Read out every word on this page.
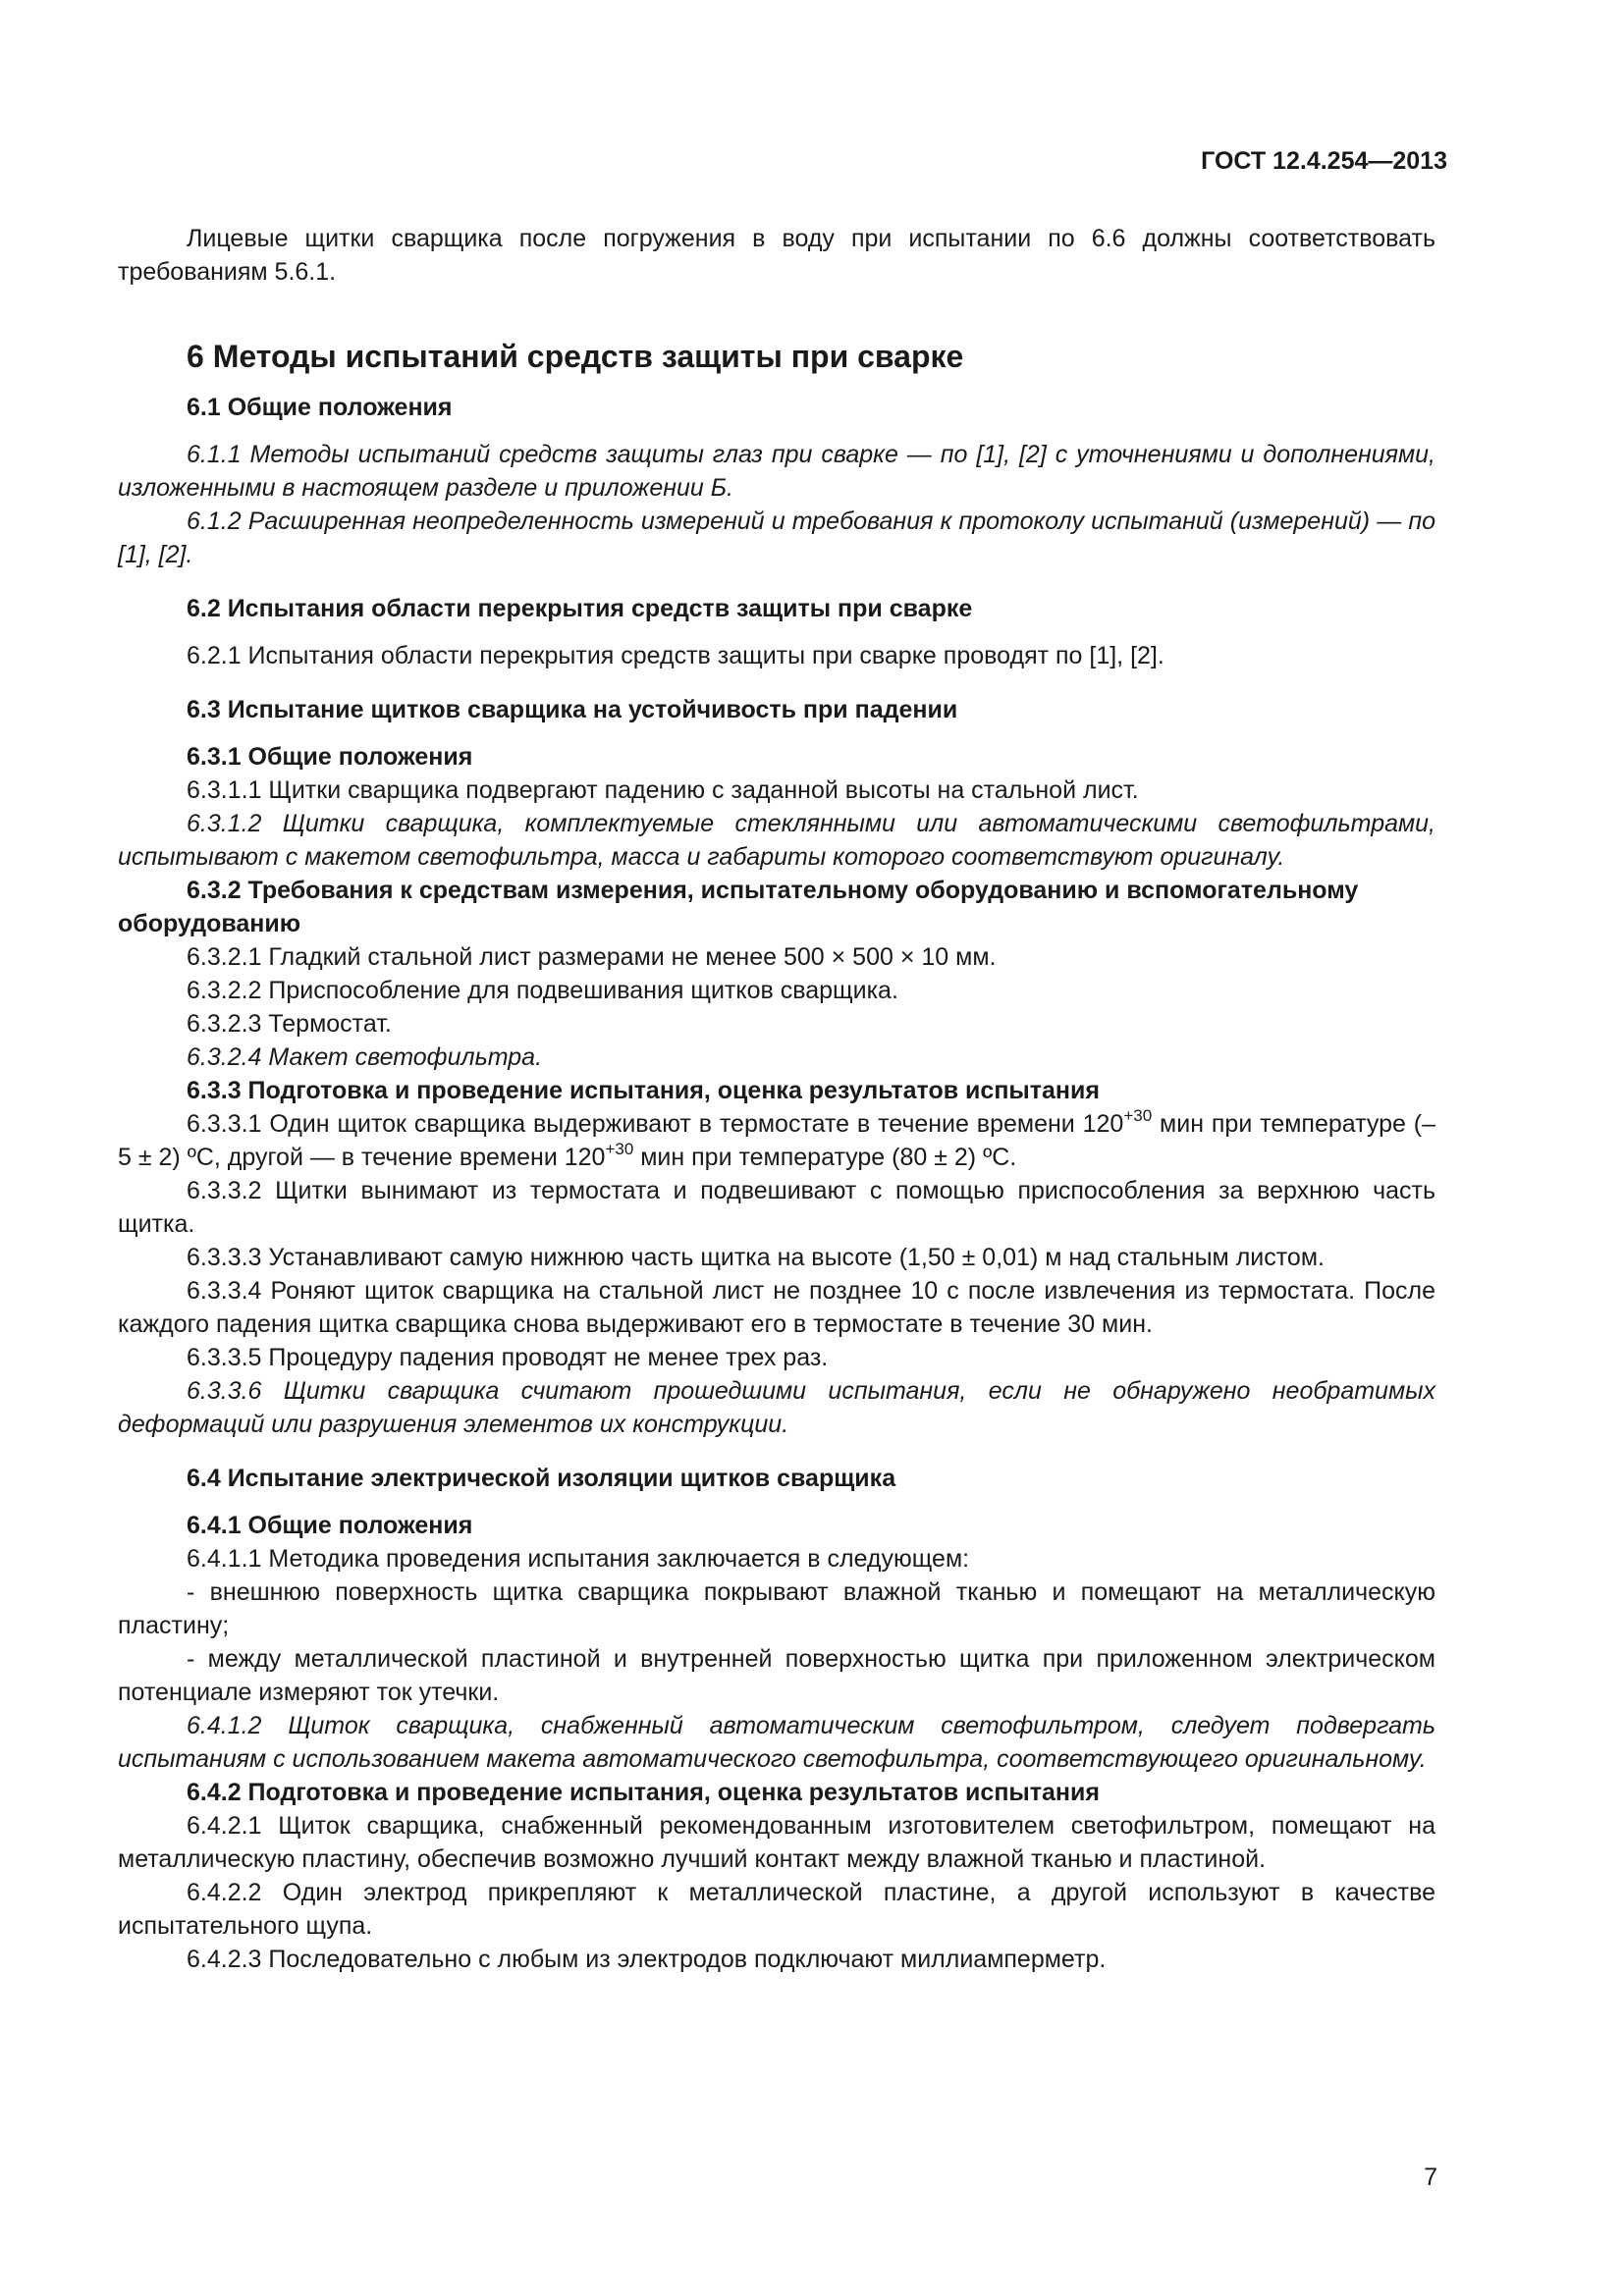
ГОСТ 12.4.254—2013

Лицевые щитки сварщика после погружения в воду при испытании по 6.6 должны соответствовать требованиям 5.6.1.

6 Методы испытаний средств защиты при сварке
6.1 Общие положения

6.1.1 Методы испытаний средств защиты глаз при сварке — по [1], [2] с уточнениями и дополнениями, изложенными в настоящем разделе и приложении Б.

6.1.2 Расширенная неопределенность измерений и требования к протоколу испытаний (измерений) — по [1], [2].

6.2 Испытания области перекрытия средств защиты при сварке

6.2.1 Испытания области перекрытия средств защиты при сварке проводят по [1], [2].

6.3 Испытание щитков сварщика на устойчивость при падении
6.3.1 Общие положения

6.3.1.1 Щитки сварщика подвергают падению с заданной высоты на стальной лист.

6.3.1.2 Щитки сварщика, комплектуемые стеклянными или автоматическими светофильтрами, испытывают с макетом светофильтра, масса и габариты которого соответствуют оригиналу.

6.3.2 Требования к средствам измерения, испытательному оборудованию и вспомогательному оборудованию

6.3.2.1 Гладкий стальной лист размерами не менее 500 × 500 × 10 мм.

6.3.2.2 Приспособление для подвешивания щитков сварщика.

6.3.2.3 Термостат.

6.3.2.4 Макет светофильтра.

6.3.3 Подготовка и проведение испытания, оценка результатов испытания

6.3.3.1 Один щиток сварщика выдерживают в термостате в течение времени $120^{+30}$ мин при температуре (–5 ± 2) ºС, другой — в течение времени $120^{+30}$ мин при температуре (80 ± 2) ºС.

6.3.3.2 Щитки вынимают из термостата и подвешивают с помощью приспособления за верхнюю часть щитка.

6.3.3.3 Устанавливают самую нижнюю часть щитка на высоте (1,50 ± 0,01) м над стальным листом.

6.3.3.4 Роняют щиток сварщика на стальной лист не позднее 10 с после извлечения из термостата. После каждого падения щитка сварщика снова выдерживают его в термостате в течение 30 мин.

6.3.3.5 Процедуру падения проводят не менее трех раз.

6.3.3.6 Щитки сварщика считают прошедшими испытания, если не обнаружено необратимых деформаций или разрушения элементов их конструкции.

6.4 Испытание электрической изоляции щитков сварщика
6.4.1 Общие положения

6.4.1.1 Методика проведения испытания заключается в следующем:

- внешнюю поверхность щитка сварщика покрывают влажной тканью и помещают на металлическую пластину;

- между металлической пластиной и внутренней поверхностью щитка при приложенном электрическом потенциале измеряют ток утечки.

6.4.1.2 Щиток сварщика, снабженный автоматическим светофильтром, следует подвергать испытаниям с использованием макета автоматического светофильтра, соответствующего оригинальному.

6.4.2 Подготовка и проведение испытания, оценка результатов испытания

6.4.2.1 Щиток сварщика, снабженный рекомендованным изготовителем светофильтром, помещают на металлическую пластину, обеспечив возможно лучший контакт между влажной тканью и пластиной.

6.4.2.2 Один электрод прикрепляют к металлической пластине, а другой используют в качестве испытательного щупа.

6.4.2.3 Последовательно с любым из электродов подключают миллиамперметр.

7
